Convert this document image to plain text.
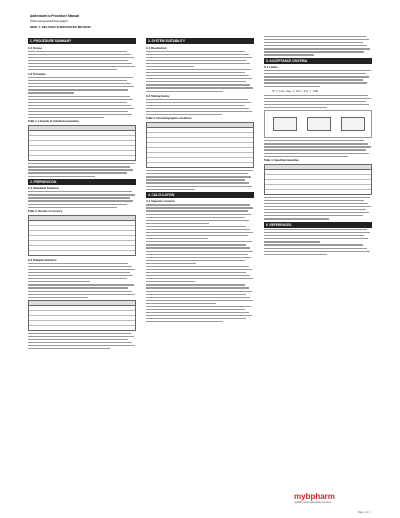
Addendum to Procedure Manual
Pharmacopoeial Monograph
HEM. 1. RELATED SUBSTANCES METHOD
1. PROCEDURE SUMMARY
1.1 Scope
1.2 Principle
Table 1. Linearity of standard preparation
2. PREPARATION
2.1 Standard Solution
Table 2. Results of recovery
2.2 Sample Solution
3. SYSTEM SUITABILITY
3.1 Resolution
3.2 Tailing factor
Table 3. Chromatographic conditions
4. CALCULATION
4.1 Impurity content
5. ACCEPTANCE CRITERIA
5.1 Limits
% = (Ai / As) × (Cs / Ci) × 100
Table 4. Specified impurities
6. REFERENCES
mybpharm
reliable pharmaceutical services
Page 1 of 1
